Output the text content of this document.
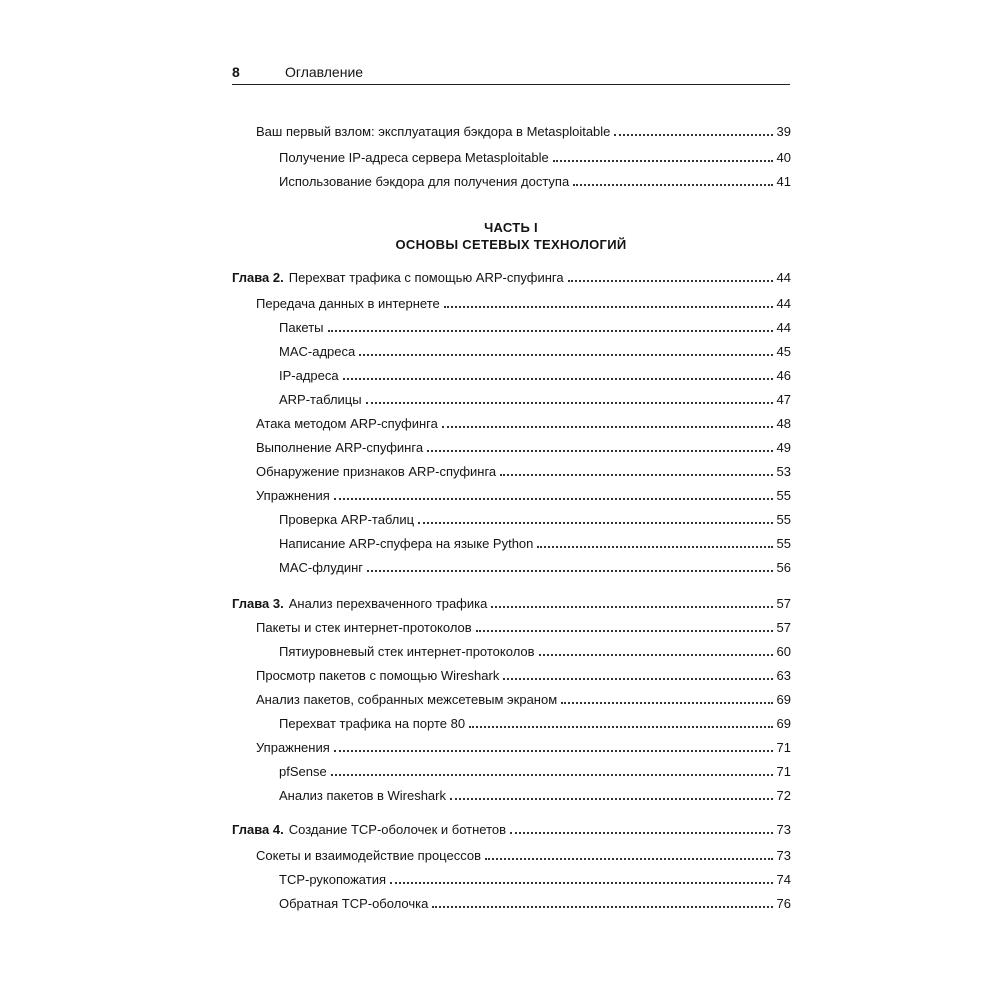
8	Оглавление
ЧАСТЬ I
ОСНОВЫ СЕТЕВЫХ ТЕХНОЛОГИЙ
Ваш первый взлом: эксплуатация бэкдора в Metasploitable	39
Получение IP-адреса сервера Metasploitable	40
Использование бэкдора для получения доступа	41
Глава 2. Перехват трафика с помощью ARP-спуфинга	44
Передача данных в интернете	44
Пакеты	44
MAC-адреса	45
IP-адреса	46
ARP-таблицы	47
Атака методом ARP-спуфинга	48
Выполнение ARP-спуфинга	49
Обнаружение признаков ARP-спуфинга	53
Упражнения	55
Проверка ARP-таблиц	55
Написание ARP-спуфера на языке Python	55
MAC-флудинг	56
Глава 3. Анализ перехваченного трафика	57
Пакеты и стек интернет-протоколов	57
Пятиуровневый стек интернет-протоколов	60
Просмотр пакетов с помощью Wireshark	63
Анализ пакетов, собранных межсетевым экраном	69
Перехват трафика на порте 80	69
Упражнения	71
pfSense	71
Анализ пакетов в Wireshark	72
Глава 4. Создание TCP-оболочек и ботнетов	73
Сокеты и взаимодействие процессов	73
TCP-рукопожатия	74
Обратная TCP-оболочка	76
